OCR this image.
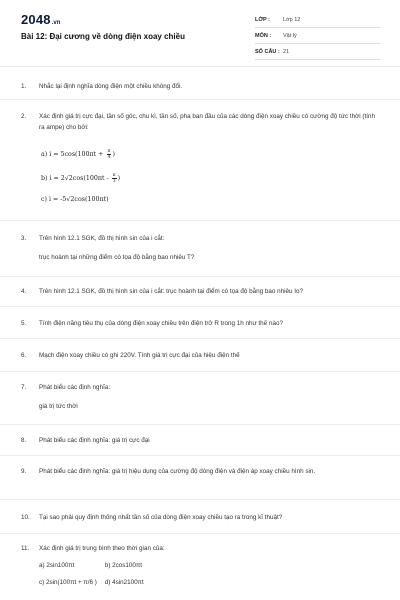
2048.vn
Bài 12: Đại cương về dòng điện xoay chiều
LỚP : Lớp 12
MÔN : Vật lý
SỐ CÂU : 21
1. Nhắc lại định nghĩa dòng điện một chiều không đổi.
2. Xác định giá trị cực đại, tần số góc, chu kì, tần số, pha ban đầu của các dòng điện xoay chiều có cường độ tức thời (tính ra ampe) cho bởi:
a) $i = 5\cos(100\pi t + \frac{\pi}{4}$ )
b) $i = 2√2\cos(100\pi t - \frac{\pi}{3}$ )
c) i = -5√2cos(100πt)
3. Trên hình 12.1 SGK, đồ thị hình sin của i cắt:
trục hoành tại những điểm có tọa độ bằng bao nhiêu T?
4. Trên hình 12.1 SGK, đồ thị hình sin của i cắt: trục hoành tại điểm có tọa độ bằng bao nhiêu Io?
5. Tính điện năng tiêu thụ của dòng điện xoay chiều trên điện trở R trong 1h như thế nào?
6. Mạch điện xoay chiều có ghi 220V. Tính giá trị cực đại của hiệu điện thế
7. Phát biểu các định nghĩa:
giá trị tức thời
8. Phát biểu các định nghĩa: giá trị cực đại
9. Phát biểu các định nghĩa: giá trị hiệu dụng của cường độ dòng điện và điện áp xoay chiều hình sin.
10. Tại sao phải quy định thống nhất tần số của dòng điện xoay chiều tạo ra trong kĩ thuật?
11. Xác định giá trị trung bình theo thời gian của:
a) 2sin100πt	b) 2cos100πt
c) 2sin(100πt + π/6 ) d) 4sin2100πt
